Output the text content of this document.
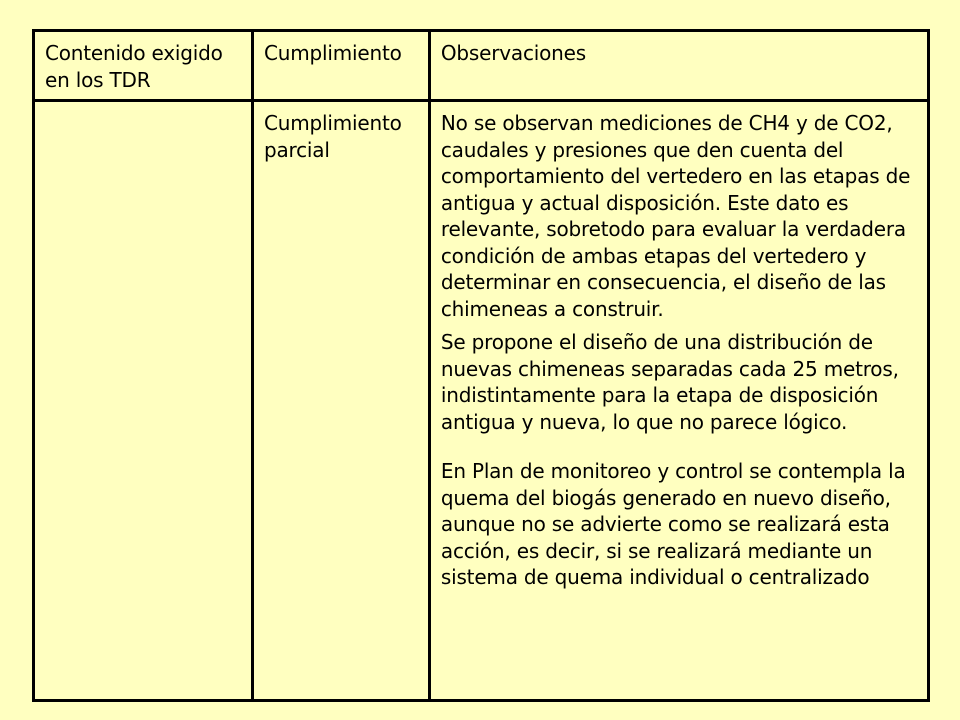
Contenido exigido en los TDR	Cumplimiento	Observaciones
	Cumplimiento parcial	No se observan mediciones de CH4 y de CO2, caudales y presiones que den cuenta del comportamiento del vertedero en las etapas de antigua y actual disposición. Este dato es relevante, sobretodo para evaluar la verdadera condición de ambas etapas del vertedero y determinar en consecuencia, el diseño de las chimeneas a construir.

Se propone el diseño de una distribución de nuevas chimeneas separadas cada 25 metros, indistintamente para la etapa de disposición antigua y nueva, lo que no parece lógico.

En Plan de monitoreo y control se contempla la quema del biogás generado en nuevo diseño, aunque no se advierte como se realizará esta acción, es decir, si se realizará mediante un sistema de quema individual o centralizado
